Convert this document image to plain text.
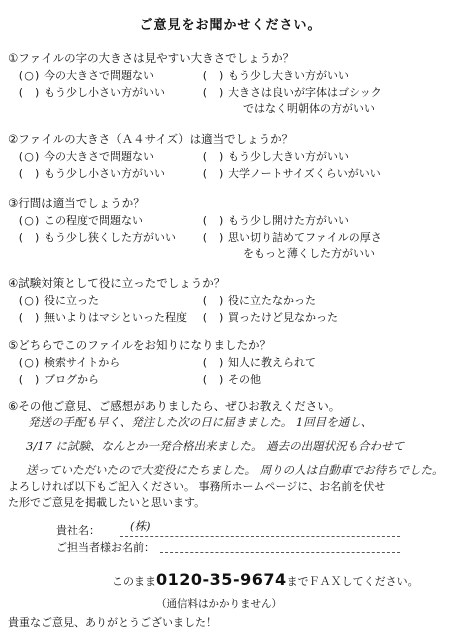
ご意見をお聞かせください。
①ファイルの字の大きさは見やすい大きさでしょうか？
(○) 今の大きさで問題ない	( ) もう少し大きい方がいい
( ) もう少し小さい方がいい	( ) 大きさは良いが字体はゴシック
ではなく明朝体の方がいい
②ファイルの大きさ（Ａ４サイズ）は適当でしょうか？
(○) 今の大きさで問題ない	( ) もう少し大きい方がいい
( ) もう少し小さい方がいい	( ) 大学ノートサイズくらいがいい
③行間は適当でしょうか？
(○) この程度で問題ない	( ) もう少し開けた方がいい
( ) もう少し狭くした方がいい	( ) 思い切り詰めてファイルの厚さ
をもっと薄くした方がいい
④試験対策として役に立ったでしょうか？
(○) 役に立った	( ) 役に立たなかった
( ) 無いよりはマシといった程度	( ) 買ったけど見なかった
⑤どちらでこのファイルをお知りになりましたか？
(○) 検索サイトから	( ) 知人に教えられて
( ) ブログから	( ) その他
⑥その他ご意見、ご感想がありましたら、ぜひお教えください。
発送の手配も早く、発注した次の日に届きました。 1回目を通し、
3/17 に試験、なんとか一発合格出来ました。 過去の出題状況も合わせて
送っていただいたので大変役にたちました。 周りの人は自動車でお待ちでした。
よろしければ以下もご記入ください。 事務所ホームページに、お名前を伏せ
た形でご意見を掲載したいと思います。
貴社名：	(株)
ご担当者様お名前：
このまま0120-35-9674までＦＡＸしてください。
（通信料はかかりません）
貴重なご意見、ありがとうございました！
